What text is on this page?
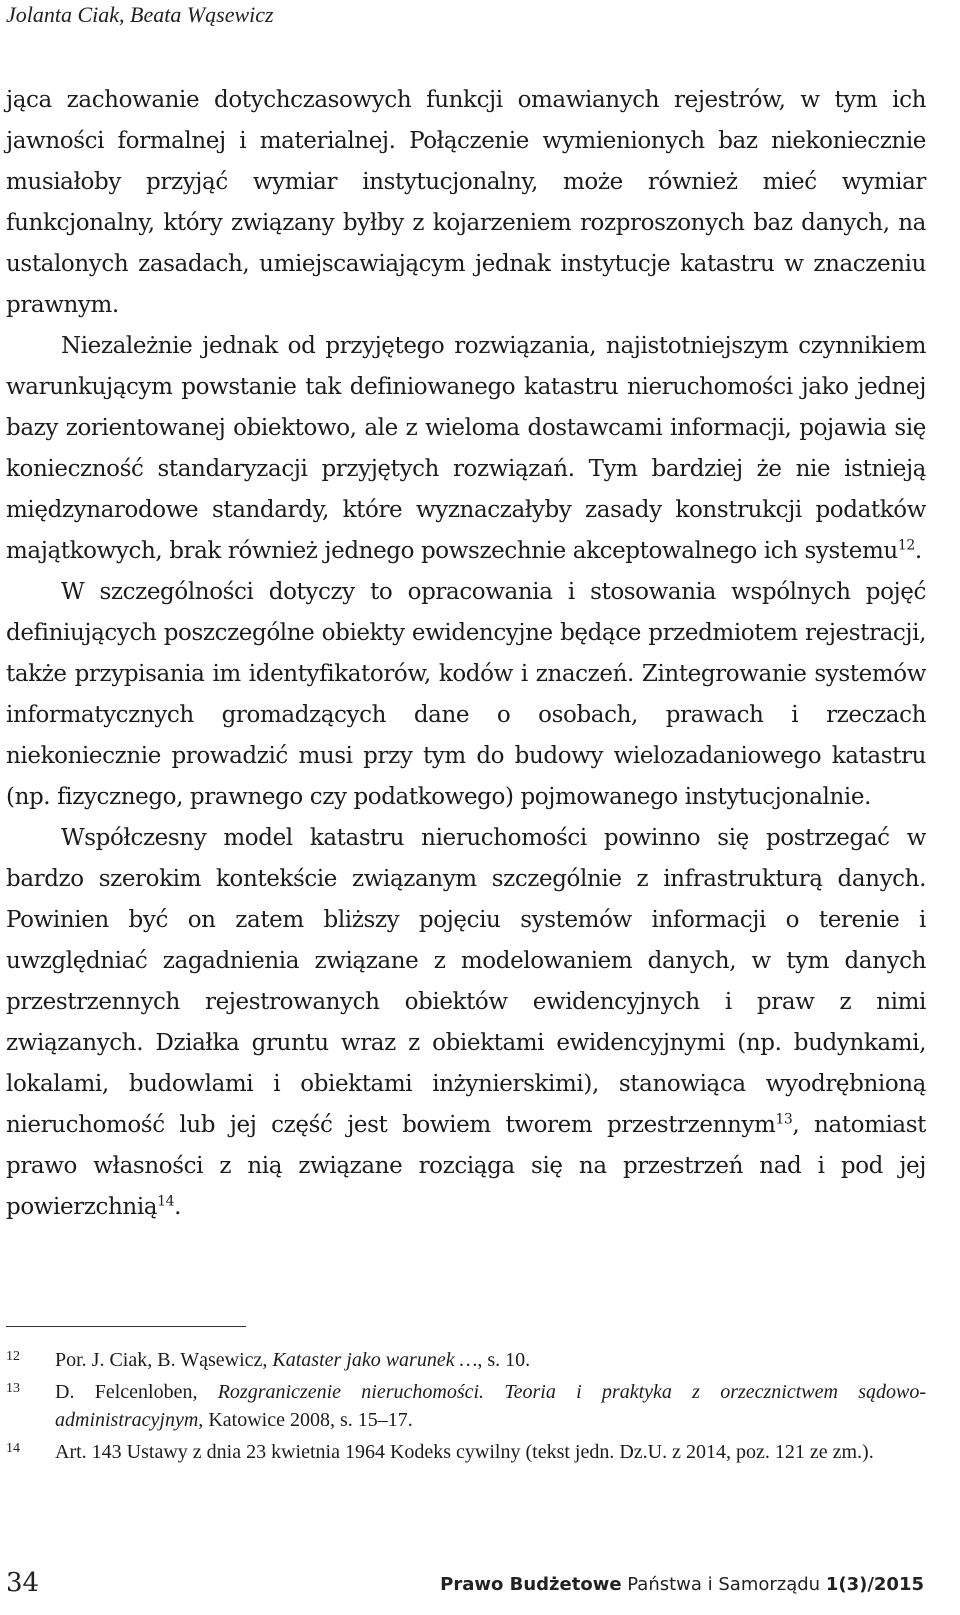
Jolanta Ciak, Beata Wąsewicz

jąca zachowanie dotychczasowych funkcji omawianych rejestrów, w tym ich jawności formalnej i materialnej. Połączenie wymienionych baz niekoniecznie musiałoby przyjąć wymiar instytucjonalny, może również mieć wymiar funkcjonalny, który związany byłby z kojarzeniem rozproszonych baz danych, na ustalonych zasadach, umiejscawiającym jednak instytucje katastru w znaczeniu prawnym.

Niezależnie jednak od przyjętego rozwiązania, najistotniejszym czynnikiem warunkującym powstanie tak definiowanego katastru nieruchomości jako jednej bazy zorientowanej obiektowo, ale z wieloma dostawcami informacji, pojawia się konieczność standaryzacji przyjętych rozwiązań. Tym bardziej że nie istnieją międzynarodowe standardy, które wyznaczałyby zasady konstrukcji podatków majątkowych, brak również jednego powszechnie akceptowalnego ich systemu$^{12}$.

W szczególności dotyczy to opracowania i stosowania wspólnych pojęć definiujących poszczególne obiekty ewidencyjne będące przedmiotem rejestracji, także przypisania im identyfikatorów, kodów i znaczeń. Zintegrowanie systemów informatycznych gromadzących dane o osobach, prawach i rzeczach niekoniecznie prowadzić musi przy tym do budowy wielozadaniowego katastru (np. fizycznego, prawnego czy podatkowego) pojmowanego instytucjonalnie.

Współczesny model katastru nieruchomości powinno się postrzegać w bardzo szerokim kontekście związanym szczególnie z infrastrukturą danych. Powinien być on zatem bliższy pojęciu systemów informacji o terenie i uwzględniać zagadnienia związane z modelowaniem danych, w tym danych przestrzennych rejestrowanych obiektów ewidencyjnych i praw z nimi związanych. Działka gruntu wraz z obiektami ewidencyjnymi (np. budynkami, lokalami, budowlami i obiektami inżynierskimi), stanowiąca wyodrębnioną nieruchomość lub jej część jest bowiem tworem przestrzennym$^{13}$, natomiast prawo własności z nią związane rozciąga się na przestrzeń nad i pod jej powierzchnią$^{14}$.

12 Por. J. Ciak, B. Wąsewicz, Kataster jako warunek …, s. 10.
13 D. Felcenloben, Rozgraniczenie nieruchomości. Teoria i praktyka z orzecznictwem sądowo-administracyjnym, Katowice 2008, s. 15–17.
14 Art. 143 Ustawy z dnia 23 kwietnia 1964 Kodeks cywilny (tekst jedn. Dz.U. z 2014, poz. 121 ze zm.).
34	Prawo Budżetowe Państwa i Samorządu 1(3)/2015
